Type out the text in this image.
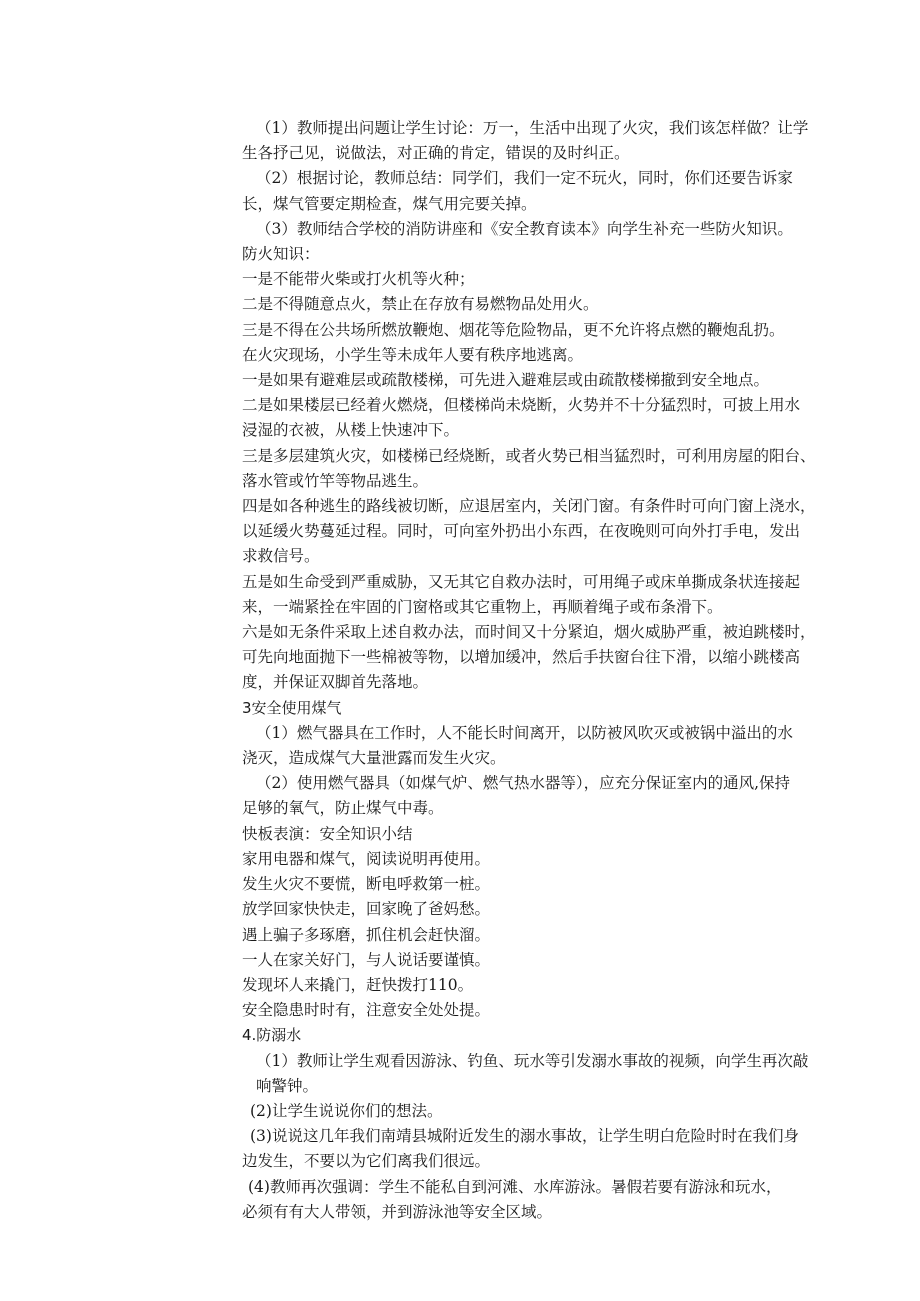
（1）教师提出问题让学生讨论：万一，生活中出现了火灾，我们该怎样做？让学

生各抒己见，说做法，对正确的肯定，错误的及时纠正。

（2）根据讨论，教师总结：同学们，我们一定不玩火，同时，你们还要告诉家

长，煤气管要定期检查，煤气用完要关掉。

（3）教师结合学校的消防讲座和《安全教育读本》向学生补充一些防火知识。

防火知识：

一是不能带火柴或打火机等火种；

二是不得随意点火，禁止在存放有易燃物品处用火。

三是不得在公共场所燃放鞭炮、烟花等危险物品，更不允许将点燃的鞭炮乱扔。

在火灾现场，小学生等未成年人要有秩序地逃离。

一是如果有避难层或疏散楼梯，可先进入避难层或由疏散楼梯撤到安全地点。

二是如果楼层已经着火燃烧，但楼梯尚未烧断，火势并不十分猛烈时，可披上用水

浸湿的衣被，从楼上快速冲下。

三是多层建筑火灾，如楼梯已经烧断，或者火势已相当猛烈时，可利用房屋的阳台、

落水管或竹竿等物品逃生。

四是如各种逃生的路线被切断，应退居室内，关闭门窗。有条件时可向门窗上浇水，

以延缓火势蔓延过程。同时，可向室外扔出小东西，在夜晚则可向外打手电，发出

求救信号。

五是如生命受到严重威胁，又无其它自救办法时，可用绳子或床单撕成条状连接起

来，一端紧拴在牢固的门窗格或其它重物上，再顺着绳子或布条滑下。

六是如无条件采取上述自救办法，而时间又十分紧迫，烟火威胁严重，被迫跳楼时，

可先向地面抛下一些棉被等物，以增加缓冲，然后手扶窗台往下滑，以缩小跳楼高

度，并保证双脚首先落地。

3安全使用煤气

（1）燃气器具在工作时，人不能长时间离开，以防被风吹灭或被锅中溢出的水

浇灭，造成煤气大量泄露而发生火灾。

（2）使用燃气器具（如煤气炉、燃气热水器等），应充分保证室内的通风,保持

足够的氧气，防止煤气中毒。

快板表演：安全知识小结

家用电器和煤气，阅读说明再使用。

发生火灾不要慌，断电呼救第一桩。

放学回家快快走，回家晚了爸妈愁。

遇上骗子多琢磨，抓住机会赶快溜。

一人在家关好门，与人说话要谨慎。

发现坏人来撬门，赶快拨打110。

安全隐患时时有，注意安全处处提。

4.防溺水

（1）教师让学生观看因游泳、钓鱼、玩水等引发溺水事故的视频，向学生再次敲

响警钟。

(2)让学生说说你们的想法。

(3)说说这几年我们南靖县城附近发生的溺水事故，让学生明白危险时时在我们身

边发生，不要以为它们离我们很远。

(4)教师再次强调：学生不能私自到河滩、水库游泳。暑假若要有游泳和玩水，

必须有有大人带领，并到游泳池等安全区域。
